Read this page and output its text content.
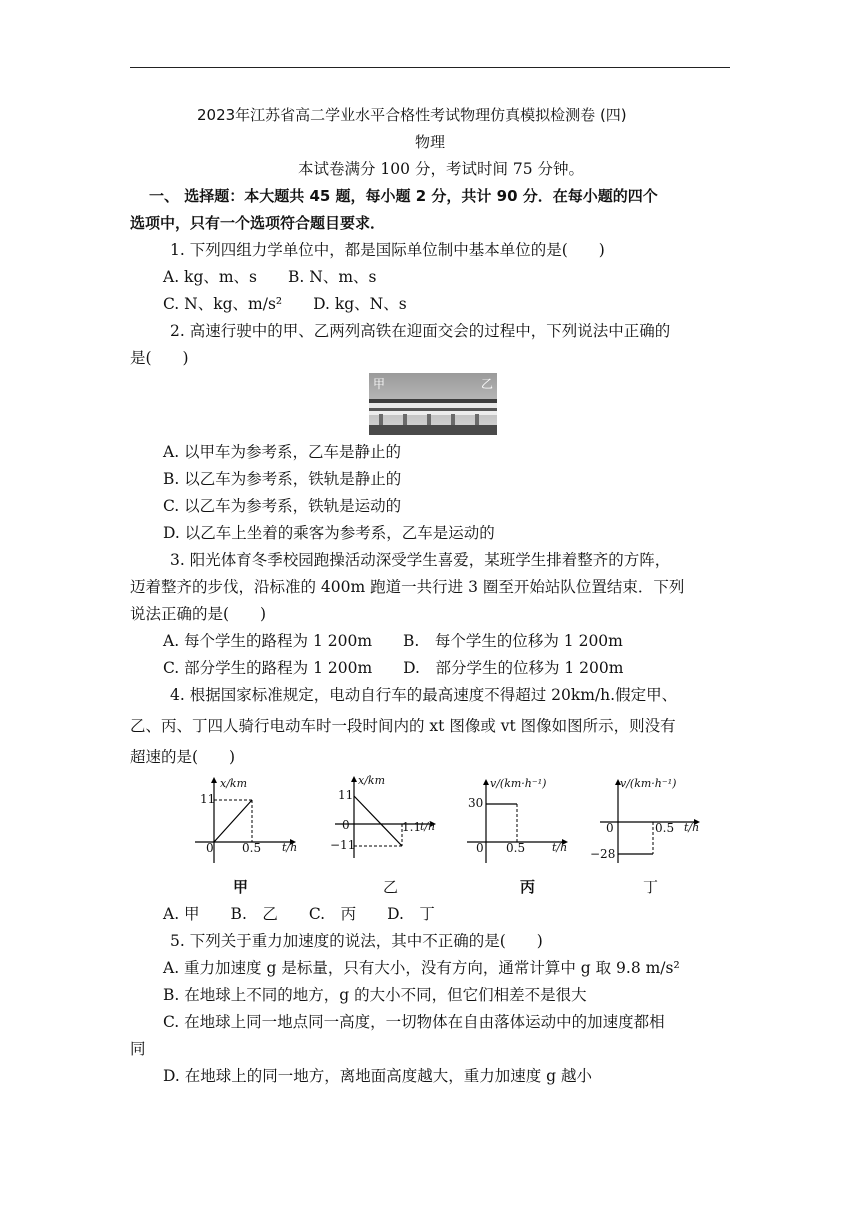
2023年江苏省高二学业水平合格性考试物理仿真模拟检测卷 (四)
物理
本试卷满分 100 分，考试时间 75 分钟。
一、 选择题：本大题共 45 题，每小题 2 分，共计 90 分．在每小题的四个
选项中，只有一个选项符合题目要求．
1. 下列四组力学单位中，都是国际单位制中基本单位的是(　　)
A. kg、m、s　　B. N、m、s
C. N、kg、m/s²　　D. kg、N、s
2. 高速行驶中的甲、乙两列高铁在迎面交会的过程中，下列说法中正确的
是(　　)
甲	乙
A. 以甲车为参考系，乙车是静止的
B. 以乙车为参考系，铁轨是静止的
C. 以乙车为参考系，铁轨是运动的
D. 以乙车上坐着的乘客为参考系，乙车是运动的
3. 阳光体育冬季校园跑操活动深受学生喜爱，某班学生排着整齐的方阵，
迈着整齐的步伐，沿标准的 400m 跑道一共行进 3 圈至开始站队位置结束．下列
说法正确的是(　　)
A. 每个学生的路程为 1 200m　　B.　每个学生的位移为 1 200m
C. 部分学生的路程为 1 200m　　D.　部分学生的位移为 1 200m
4. 根据国家标准规定，电动自行车的最高速度不得超过 20km/h.假定甲、
乙、丙、丁四人骑行电动车时一段时间内的 xt 图像或 vt 图像如图所示，则没有
超速的是(　　)
x/km
11
0 0.5 t/h
甲
x/km
11
0
−11
1.1
t/h
乙
v/(km·h⁻¹)
30
0 0.5 t/h
丙
v/(km·h⁻¹)
0
−28
0.5 t/h
丁
A. 甲　　B.　乙　　C.　丙　　D.　丁
5. 下列关于重力加速度的说法，其中不正确的是(　　)
A. 重力加速度 g 是标量，只有大小，没有方向，通常计算中 g 取 9.8 m/s²
B. 在地球上不同的地方，g 的大小不同，但它们相差不是很大
C. 在地球上同一地点同一高度，一切物体在自由落体运动中的加速度都相
同
D. 在地球上的同一地方，离地面高度越大，重力加速度 g 越小
